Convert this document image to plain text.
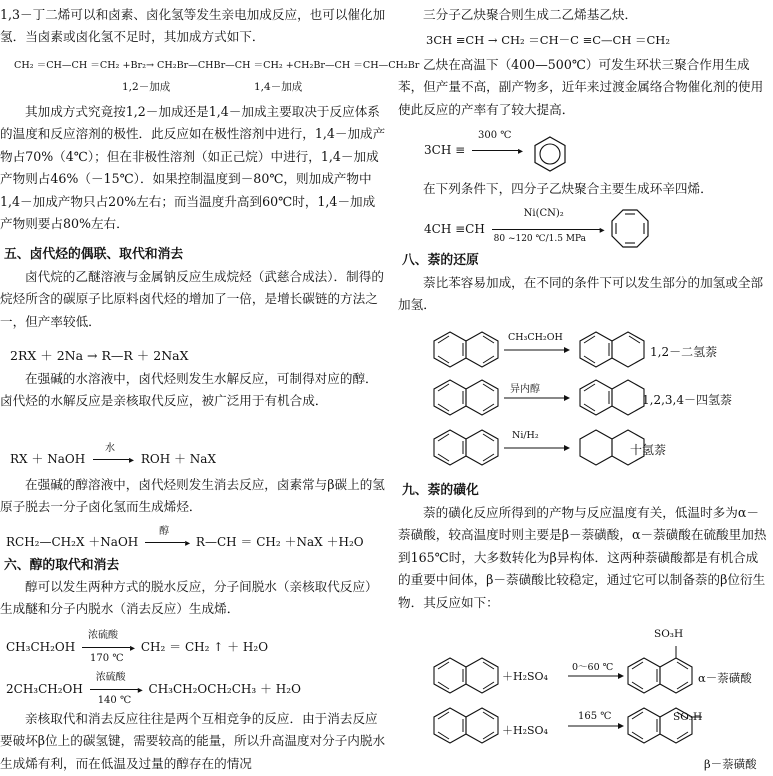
1,3－丁二烯可以和卤素、卤化氢等发生亲电加成反应，也可以催化加氢．当卤素或卤化氢不足时，其加成方式如下．

CH₂ ＝CH—CH ＝CH₂ +Br₂→ CH₂Br—CHBr—CH ＝CH₂ +CH₂Br—CH ＝CH—CH₂Br
1,2－加成	1,4－加成

其加成方式究竟按1,2－加成还是1,4－加成主要取决于反应体系的温度和反应溶剂的极性．此反应如在极性溶剂中进行，1,4－加成产物占70%（4℃）；但在非极性溶剂（如正己烷）中进行，1,4－加成产物则占46%（－15℃）．如果控制温度到－80℃，则加成产物中1,4－加成产物只占20%左右；而当温度升高到60℃时，1,4－加成产物则要占80%左右．

五、卤代烃的偶联、取代和消去

卤代烷的乙醚溶液与金属钠反应生成烷烃（武慈合成法）．制得的烷烃所含的碳原子比原料卤代烃的增加了一倍，是增长碳链的方法之一，但产率较低．

2RX ＋ 2Na → R—R ＋ 2NaX

在强碱的水溶液中，卤代烃则发生水解反应，可制得对应的醇．卤代烃的水解反应是亲核取代反应，被广泛用于有机合成．

RX ＋ NaOH
水
▸ ROH ＋ NaX

在强碱的醇溶液中，卤代烃则发生消去反应，卤素常与β碳上的氢原子脱去一分子卤化氢而生成烯烃．

RCH₂—CH₂X ＋NaOH
醇
▸ R—CH ＝ CH₂ ＋NaX ＋H₂O
六、醇的取代和消去

醇可以发生两种方式的脱水反应，分子间脱水（亲核取代反应）生成醚和分子内脱水（消去反应）生成烯．

CH₃CH₂OH
浓硫酸
▸
170 ℃
CH₂ ＝ CH₂ ↑ ＋ H₂O
2CH₃CH₂OH
浓硫酸
▸
140 ℃
CH₃CH₂OCH₂CH₃ ＋ H₂O

亲核取代和消去反应往往是两个互相竞争的反应．由于消去反应要破坏β位上的碳氢键，需要较高的能量，所以升高温度对分子内脱水生成烯有利，而在低温及过量的醇存在的情况

三分子乙炔聚合则生成二乙烯基乙炔．

3CH ≡CH → CH₂ ＝CH－C ≡C—CH ＝CH₂

乙炔在高温下（400—500℃）可发生环状三聚合作用生成苯，但产量不高，副产物多，近年来过渡金属络合物催化剂的使用使此反应的产率有了较大提高．

3CH ≡
300 ℃
▸

在下列条件下，四分子乙炔聚合主要生成环辛四烯．

4CH ≡CH
Ni(CN)₂
▸
80 ~120 ℃/1.5 MPa
八、萘的还原

萘比苯容易加成，在不同的条件下可以发生部分的加氢或全部加氢．

CH₃CH₂OH
1,2－二氢萘
异内醇
1,2,3,4－四氢萘
Ni/H₂
十氢萘
九、萘的磺化

萘的磺化反应所得到的产物与反应温度有关，低温时多为α－萘磺酸，较高温度时则主要是β－萘磺酸，α－萘磺酸在硫酸里加热到165℃时，大多数转化为β异构体．这两种萘磺酸都是有机合成的重要中间体，β－萘磺酸比较稳定，通过它可以制备萘的β位衍生物．其反应如下：

＋H₂SO₄
0～60 ℃
SO₃H
α－萘磺酸
＋H₂SO₄
165 ℃	SO₃H
β－萘磺酸
